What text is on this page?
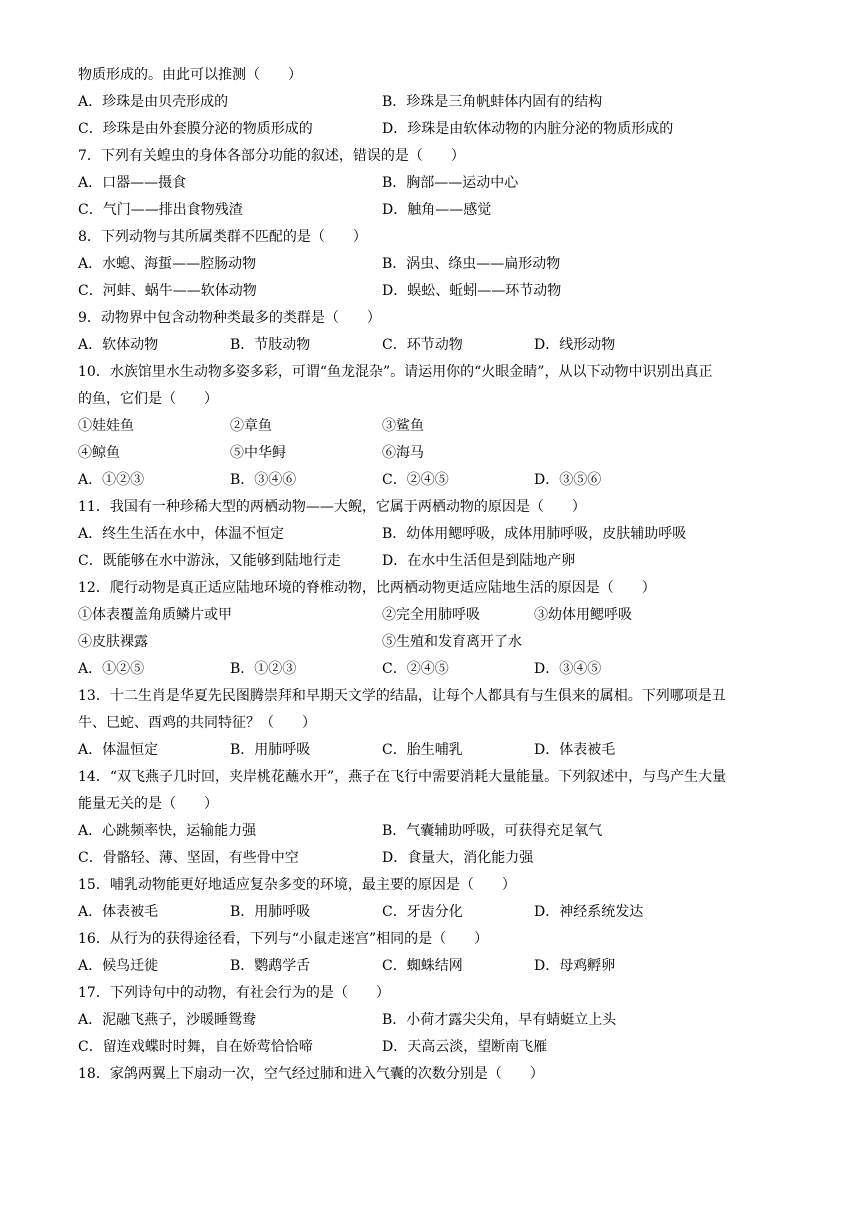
物质形成的。由此可以推测（　　）
A．珍珠是由贝壳形成的	B．珍珠是三角帆蚌体内固有的结构
C．珍珠是由外套膜分泌的物质形成的	D．珍珠是由软体动物的内脏分泌的物质形成的
7．下列有关蝗虫的身体各部分功能的叙述，错误的是（　　）
A．口器——摄食	B．胸部——运动中心
C．气门——排出食物残渣	D．触角——感觉
8．下列动物与其所属类群不匹配的是（　　）
A．水螅、海蜇——腔肠动物	B．涡虫、绦虫——扁形动物
C．河蚌、蜗牛——软体动物	D．蜈蚣、蚯蚓——环节动物
9．动物界中包含动物种类最多的类群是（　　）
A．软体动物	B．节肢动物	C．环节动物	D．线形动物
10．水族馆里水生动物多姿多彩，可谓“鱼龙混杂”。请运用你的“火眼金睛”，从以下动物中识别出真正
的鱼，它们是（　　）
①娃娃鱼	②章鱼	③鲨鱼
④鲸鱼	⑤中华鲟	⑥海马
A．①②③	B．③④⑥	C．②④⑤	D．③⑤⑥
11．我国有一种珍稀大型的两栖动物——大鲵，它属于两栖动物的原因是（　　）
A．终生生活在水中，体温不恒定	B．幼体用鳃呼吸，成体用肺呼吸，皮肤辅助呼吸
C．既能够在水中游泳，又能够到陆地行走	D．在水中生活但是到陆地产卵
12．爬行动物是真正适应陆地环境的脊椎动物，比两栖动物更适应陆地生活的原因是（　　）
①体表覆盖角质鳞片或甲	②完全用肺呼吸	③幼体用鳃呼吸
④皮肤裸露	⑤生殖和发育离开了水
A．①②⑤	B．①②③	C．②④⑤	D．③④⑤
13．十二生肖是华夏先民图腾崇拜和早期天文学的结晶，让每个人都具有与生俱来的属相。下列哪项是丑
牛、巳蛇、酉鸡的共同特征？（　　）
A．体温恒定	B．用肺呼吸	C．胎生哺乳	D．体表被毛
14．“双飞燕子几时回，夹岸桃花蘸水开”，燕子在飞行中需要消耗大量能量。下列叙述中，与鸟产生大量
能量无关的是（　　）
A．心跳频率快，运输能力强	B．气囊辅助呼吸，可获得充足氧气
C．骨骼轻、薄、坚固，有些骨中空	D．食量大，消化能力强
15．哺乳动物能更好地适应复杂多变的环境，最主要的原因是（　　）
A．体表被毛	B．用肺呼吸	C．牙齿分化	D．神经系统发达
16．从行为的获得途径看，下列与“小鼠走迷宫”相同的是（　　）
A．候鸟迁徙	B．鹦鹉学舌	C．蜘蛛结网	D．母鸡孵卵
17．下列诗句中的动物，有社会行为的是（　　）
A．泥融飞燕子，沙暖睡鸳鸯	B．小荷才露尖尖角，早有蜻蜓立上头
C．留连戏蝶时时舞，自在娇莺恰恰啼	D．天高云淡，望断南飞雁
18．家鸽两翼上下扇动一次，空气经过肺和进入气囊的次数分别是（　　）
